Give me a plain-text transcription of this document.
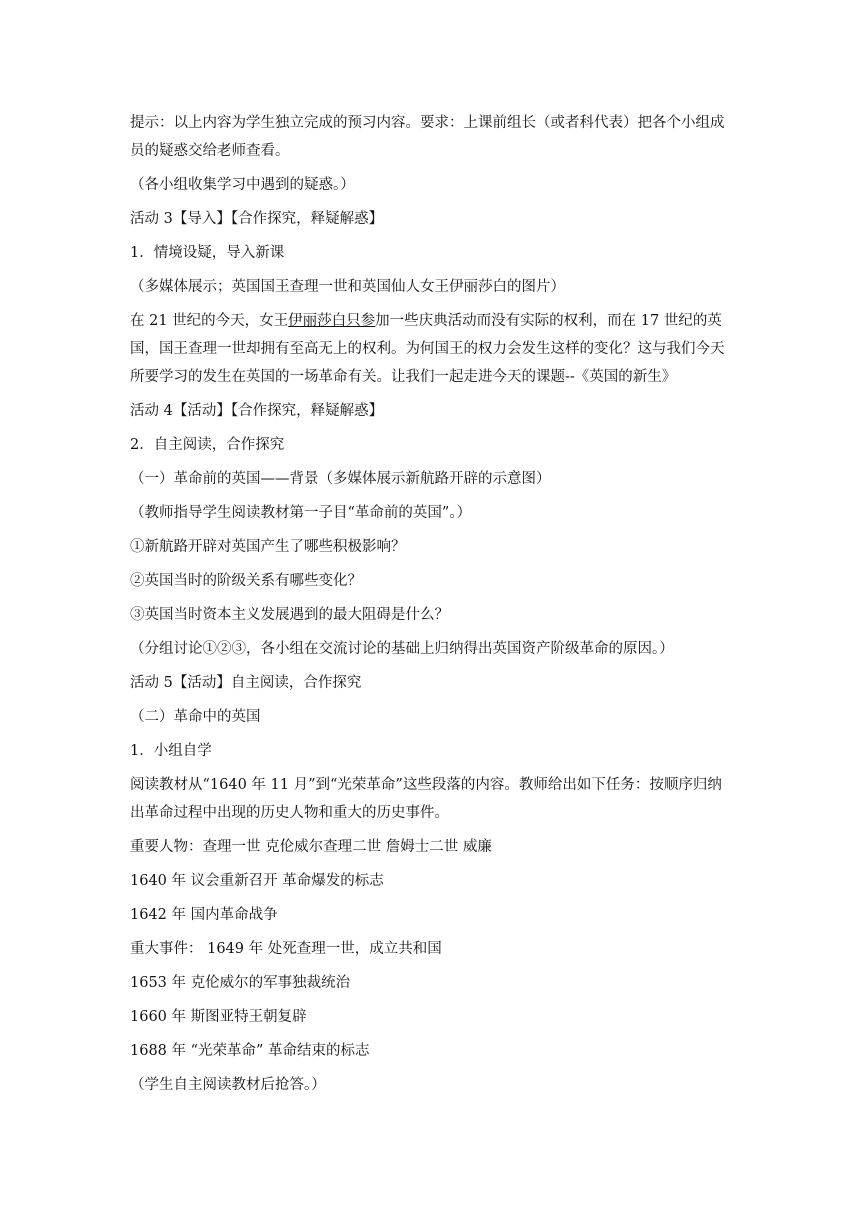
提示：以上内容为学生独立完成的预习内容。要求：上课前组长（或者科代表）把各个小组成员的疑惑交给老师查看。

（各小组收集学习中遇到的疑惑。）

活动 3【导入】【合作探究，释疑解惑】

1．情境设疑，导入新课

（多媒体展示；英国国王查理一世和英国仙人女王伊丽莎白的图片）

在 21 世纪的今天，女王伊丽莎白只参加一些庆典活动而没有实际的权利，而在 17 世纪的英国，国王查理一世却拥有至高无上的权利。为何国王的权力会发生这样的变化？这与我们今天所要学习的发生在英国的一场革命有关。让我们一起走进今天的课题--《英国的新生》

活动 4【活动】【合作探究，释疑解惑】

2．自主阅读，合作探究

（一）革命前的英国——背景（多媒体展示新航路开辟的示意图）

（教师指导学生阅读教材第一子目“革命前的英国”。）

①新航路开辟对英国产生了哪些积极影响？

②英国当时的阶级关系有哪些变化？

③英国当时资本主义发展遇到的最大阻碍是什么？

（分组讨论①②③，各小组在交流讨论的基础上归纳得出英国资产阶级革命的原因。）

活动 5【活动】自主阅读，合作探究

（二）革命中的英国

1．小组自学

阅读教材从“1640 年 11 月”到“光荣革命”这些段落的内容。教师给出如下任务：按顺序归纳出革命过程中出现的历史人物和重大的历史事件。

重要人物：查理一世 克伦威尔查理二世 詹姆士二世 威廉

1640 年 议会重新召开 革命爆发的标志

1642 年 国内革命战争

重大事件： 1649 年 处死查理一世，成立共和国

1653 年 克伦威尔的军事独裁统治

1660 年 斯图亚特王朝复辟

1688 年 “光荣革命” 革命结束的标志

（学生自主阅读教材后抢答。）
